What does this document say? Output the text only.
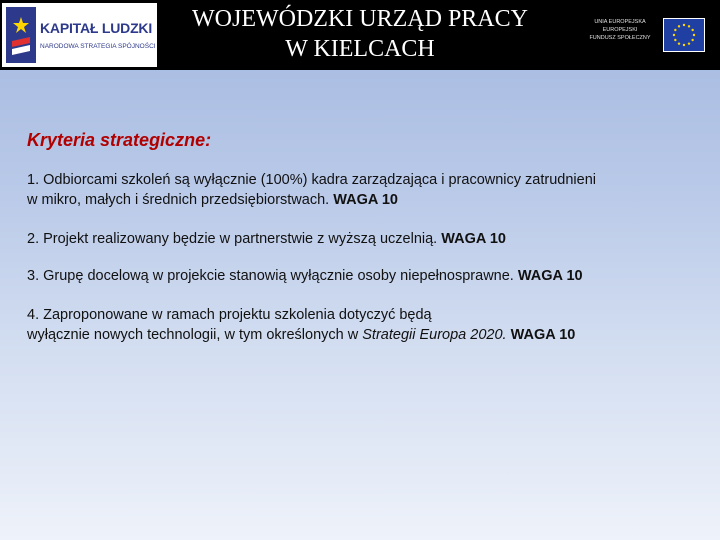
KAPITAŁ LUDZKI
NARODOWA STRATEGIA SPÓJNOŚCI
WOJEWÓDZKI URZĄD PRACY
W KIELCACH
UNIA EUROPEJSKA
EUROPEJSKI
FUNDUSZ SPOŁECZNY
Kryteria strategiczne:
1. Odbiorcami szkoleń są wyłącznie (100%) kadra zarządzająca i pracownicy zatrudnieni
w mikro, małych i średnich przedsiębiorstwach. WAGA 10
2. Projekt realizowany będzie w partnerstwie z wyższą uczelnią. WAGA 10
3. Grupę docelową w projekcie stanowią wyłącznie osoby niepełnosprawne. WAGA 10
4. Zaproponowane w ramach projektu szkolenia dotyczyć będą
wyłącznie nowych technologii, w tym określonych w Strategii Europa 2020. WAGA 10
